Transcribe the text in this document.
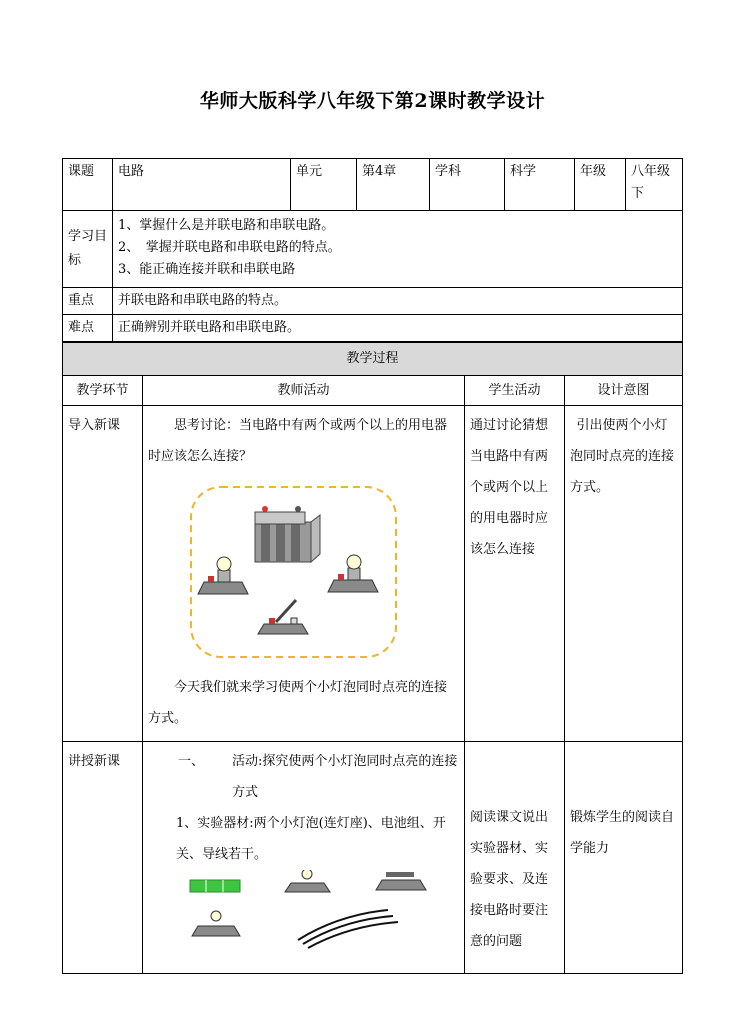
华师大版科学八年级下第2课时教学设计
课题	电路	单元	第4章	学科	科学	年级	八年级下
学习目标	1、掌握什么是并联电路和串联电路。
2、　掌握并联电路和串联电路的特点。
3、能正确连接并联和串联电路						

重点	并联电路和串联电路的特点。						
难点	正确辨别并联电路和串联电路。						
教学过程			
教学环节	教师活动	学生活动	设计意图
导入新课	思考讨论：当电路中有两个或两个以上的用电器时应该怎么连接？
今天我们就来学习使两个小灯泡同时点亮的连接方式。	通过讨论猜想当电路中有两个或两个以上的用电器时应该怎么连接	引出使两个小灯泡同时点亮的连接方式。
讲授新课	一、 活动:探究使两个小灯泡同时点亮的连接方式
1、实验器材:两个小灯泡(连灯座)、电池组、开关、导线若干。	阅读课文说出实验器材、实验要求、及连接电路时要注意的问题	锻炼学生的阅读自学能力
